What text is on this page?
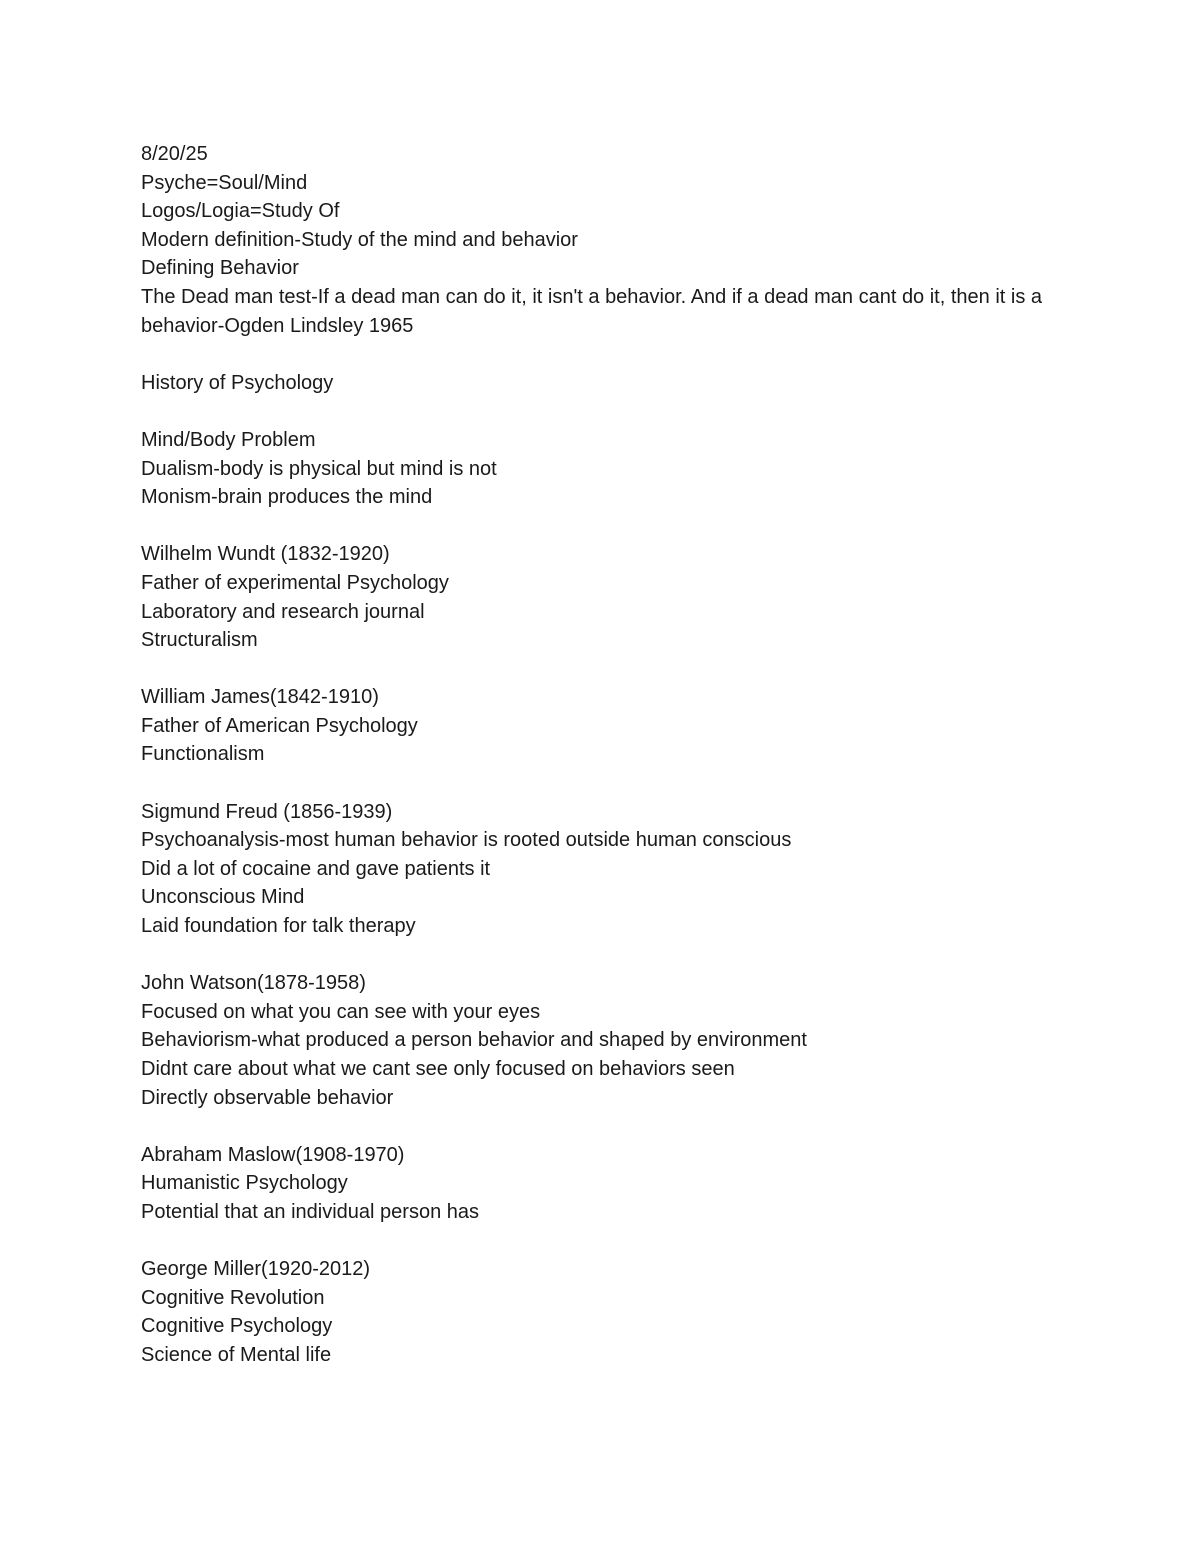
8/20/25
Psyche=Soul/Mind
Logos/Logia=Study Of
Modern definition-Study of the mind and behavior
Defining Behavior
The Dead man test-If a dead man can do it, it isn't a behavior. And if a dead man cant do it, then it is a behavior-Ogden Lindsley 1965
History of Psychology
Mind/Body Problem
Dualism-body is physical but mind is not
Monism-brain produces the mind
Wilhelm Wundt (1832-1920)
Father of experimental Psychology
Laboratory and research journal
Structuralism
William James(1842-1910)
Father of American Psychology
Functionalism
Sigmund Freud (1856-1939)
Psychoanalysis-most human behavior is rooted outside human conscious
Did a lot of cocaine and gave patients it
Unconscious Mind
Laid foundation for talk therapy
John Watson(1878-1958)
Focused on what you can see with your eyes
Behaviorism-what produced a person behavior and shaped by environment
Didnt care about what we cant see only focused on behaviors seen
Directly observable behavior
Abraham Maslow(1908-1970)
Humanistic Psychology
Potential that an individual person has
George Miller(1920-2012)
Cognitive Revolution
Cognitive Psychology
Science of Mental life
